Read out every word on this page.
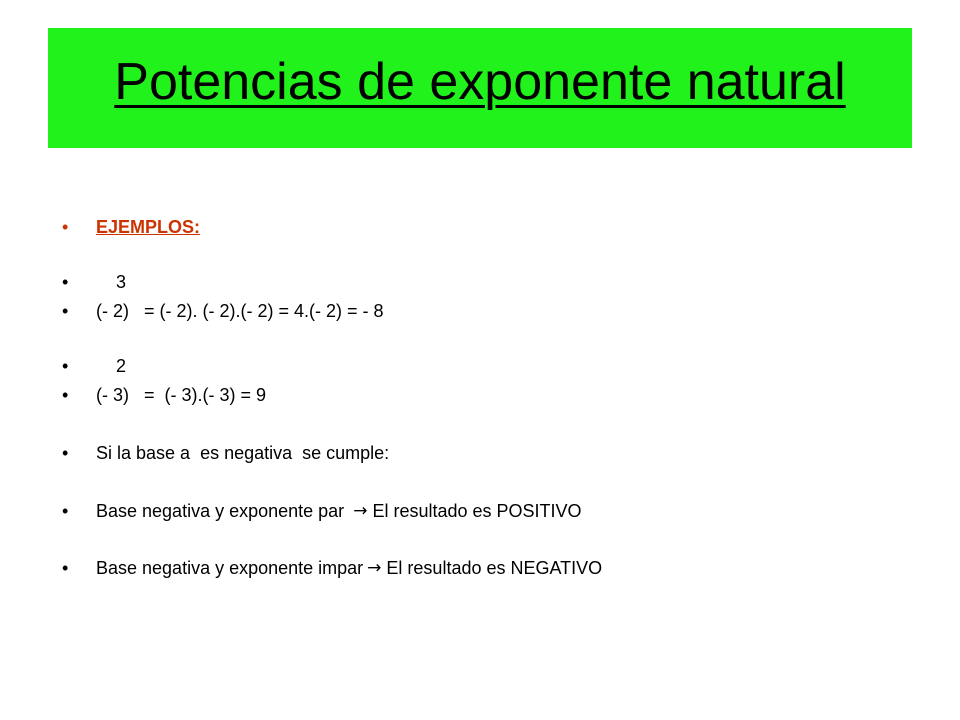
Potencias de exponente natural
•	EJEMPLOS:
•	3
•	(- 2)   = (- 2). (- 2).(- 2) = 4.(- 2) = - 8
•	2
•	(- 3)   =  (- 3).(- 3) = 9
•	Si la base a  es negativa  se cumple:
•	Base negativa y exponente par → El resultado es POSITIVO
•	Base negativa y exponente impar → El resultado es NEGATIVO
